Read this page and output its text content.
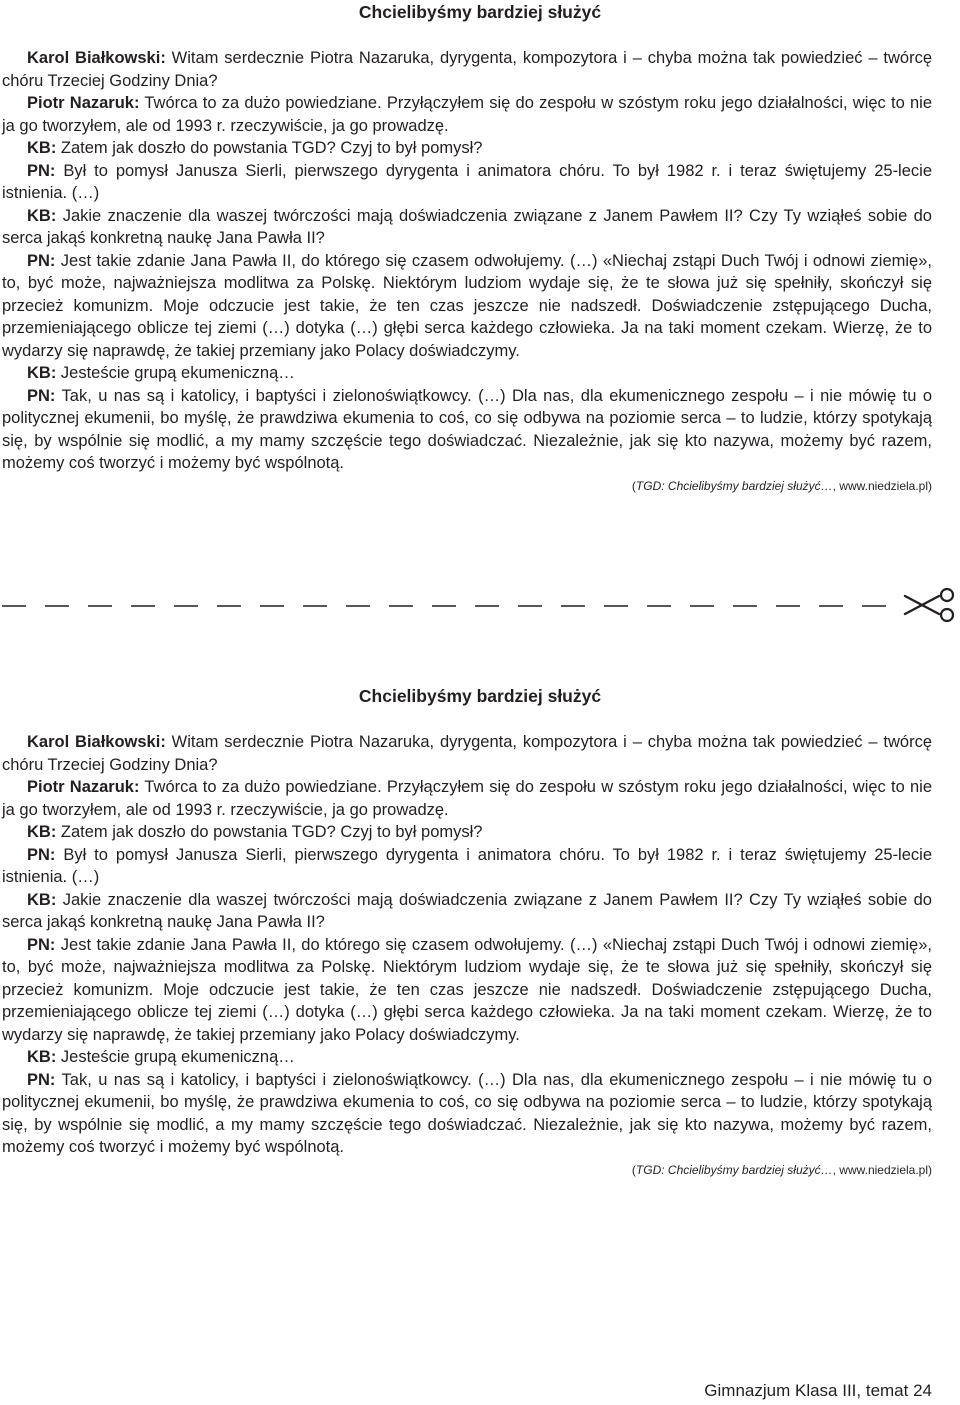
Chcielibyśmy bardziej służyć

Karol Białkowski: Witam serdecznie Piotra Nazaruka, dyrygenta, kompozytora i – chyba można tak powiedzieć – twórcę chóru Trzeciej Godziny Dnia?

Piotr Nazaruk: Twórca to za dużo powiedziane. Przyłączyłem się do zespołu w szóstym roku jego działalności, więc to nie ja go tworzyłem, ale od 1993 r. rzeczywiście, ja go prowadzę.

KB: Zatem jak doszło do powstania TGD? Czyj to był pomysł?

PN: Był to pomysł Janusza Sierli, pierwszego dyrygenta i animatora chóru. To był 1982 r. i teraz świętujemy 25-lecie istnienia. (…)

KB: Jakie znaczenie dla waszej twórczości mają doświadczenia związane z Janem Pawłem II? Czy Ty wziąłeś sobie do serca jakąś konkretną naukę Jana Pawła II?

PN: Jest takie zdanie Jana Pawła II, do którego się czasem odwołujemy. (…) «Niechaj zstąpi Duch Twój i odnowi ziemię», to, być może, najważniejsza modlitwa za Polskę. Niektórym ludziom wydaje się, że te słowa już się spełniły, skończył się przecież komunizm. Moje odczucie jest takie, że ten czas jeszcze nie nadszedł. Doświadczenie zstępującego Ducha, przemieniającego oblicze tej ziemi (…) dotyka (…) głębi serca każdego człowieka. Ja na taki moment czekam. Wierzę, że to wydarzy się naprawdę, że takiej przemiany jako Polacy doświadczymy.

KB: Jesteście grupą ekumeniczną…

PN: Tak, u nas są i katolicy, i baptyści i zielonoświątkowcy. (…) Dla nas, dla ekumenicznego zespołu – i nie mówię tu o politycznej ekumenii, bo myślę, że prawdziwa ekumenia to coś, co się odbywa na poziomie serca – to ludzie, którzy spotykają się, by wspólnie się modlić, a my mamy szczęście tego doświadczać. Niezależnie, jak się kto nazywa, możemy być razem, możemy coś tworzyć i możemy być wspólnotą.

(TGD: Chcielibyśmy bardziej służyć…, www.niedziela.pl)
Chcielibyśmy bardziej służyć

Karol Białkowski: Witam serdecznie Piotra Nazaruka, dyrygenta, kompozytora i – chyba można tak powiedzieć – twórcę chóru Trzeciej Godziny Dnia?

Piotr Nazaruk: Twórca to za dużo powiedziane. Przyłączyłem się do zespołu w szóstym roku jego działalności, więc to nie ja go tworzyłem, ale od 1993 r. rzeczywiście, ja go prowadzę.

KB: Zatem jak doszło do powstania TGD? Czyj to był pomysł?

PN: Był to pomysł Janusza Sierli, pierwszego dyrygenta i animatora chóru. To był 1982 r. i teraz świętujemy 25-lecie istnienia. (…)

KB: Jakie znaczenie dla waszej twórczości mają doświadczenia związane z Janem Pawłem II? Czy Ty wziąłeś sobie do serca jakąś konkretną naukę Jana Pawła II?

PN: Jest takie zdanie Jana Pawła II, do którego się czasem odwołujemy. (…) «Niechaj zstąpi Duch Twój i odnowi ziemię», to, być może, najważniejsza modlitwa za Polskę. Niektórym ludziom wydaje się, że te słowa już się spełniły, skończył się przecież komunizm. Moje odczucie jest takie, że ten czas jeszcze nie nadszedł. Doświadczenie zstępującego Ducha, przemieniającego oblicze tej ziemi (…) dotyka (…) głębi serca każdego człowieka. Ja na taki moment czekam. Wierzę, że to wydarzy się naprawdę, że takiej przemiany jako Polacy doświadczymy.

KB: Jesteście grupą ekumeniczną…

PN: Tak, u nas są i katolicy, i baptyści i zielonoświątkowcy. (…) Dla nas, dla ekumenicznego zespołu – i nie mówię tu o politycznej ekumenii, bo myślę, że prawdziwa ekumenia to coś, co się odbywa na poziomie serca – to ludzie, którzy spotykają się, by wspólnie się modlić, a my mamy szczęście tego doświadczać. Niezależnie, jak się kto nazywa, możemy być razem, możemy coś tworzyć i możemy być wspólnotą.

(TGD: Chcielibyśmy bardziej służyć…, www.niedziela.pl)
Gimnazjum Klasa III, temat 24
